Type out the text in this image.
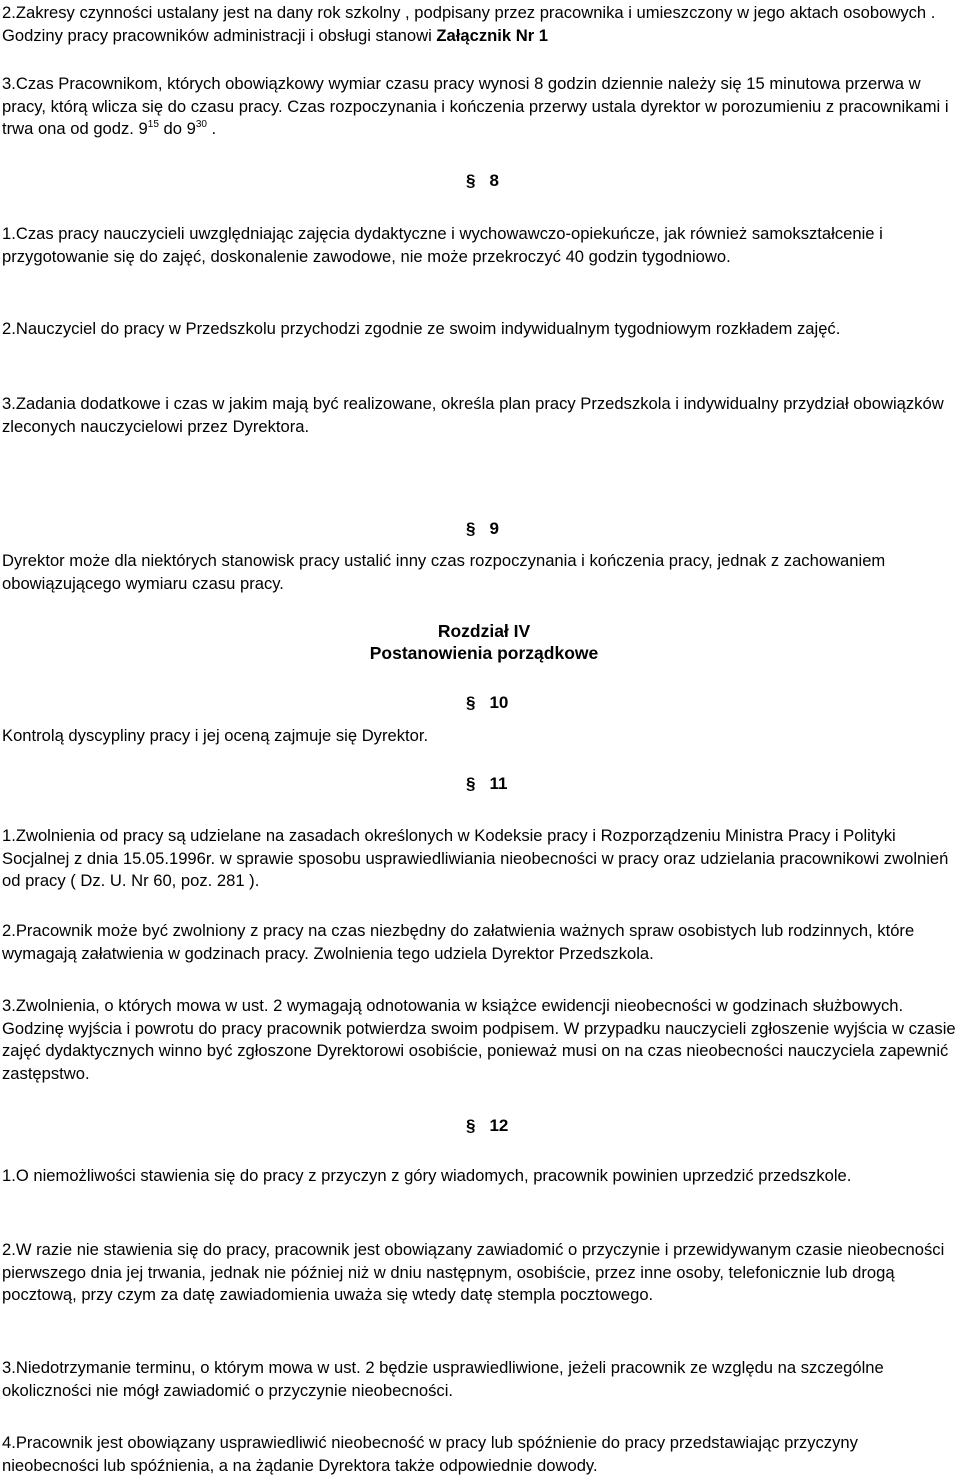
2.Zakresy czynności ustalany jest na dany rok szkolny , podpisany przez pracownika i umieszczony w jego aktach osobowych . Godziny pracy pracowników administracji i obsługi stanowi Załącznik Nr 1

3.Czas Pracownikom, których obowiązkowy wymiar czasu pracy wynosi 8 godzin dziennie należy się 15 minutowa przerwa w pracy, którą wlicza się do czasu pracy. Czas rozpoczynania i kończenia przerwy ustala dyrektor w porozumieniu z pracownikami i trwa ona od godz. $9^{15}$ do $9^{30}$ .

§ 8

1.Czas pracy nauczycieli uwzględniając zajęcia dydaktyczne i wychowawczo-opiekuńcze, jak również samokształcenie i przygotowanie się do zajęć, doskonalenie zawodowe, nie może przekroczyć 40 godzin tygodniowo.

2.Nauczyciel do pracy w Przedszkolu przychodzi zgodnie ze swoim indywidualnym tygodniowym rozkładem zajęć.

3.Zadania dodatkowe i czas w jakim mają być realizowane, określa plan pracy Przedszkola i indywidualny przydział obowiązków zleconych nauczycielowi przez Dyrektora.

§ 9

Dyrektor może dla niektórych stanowisk pracy ustalić inny czas rozpoczynania i kończenia pracy, jednak z zachowaniem obowiązującego wymiaru czasu pracy.

Rozdział IV
Postanowienia porządkowe
§ 10

Kontrolą dyscypliny pracy i jej oceną zajmuje się Dyrektor.

§ 11

1.Zwolnienia od pracy są udzielane na zasadach określonych w Kodeksie pracy i Rozporządzeniu Ministra Pracy i Polityki Socjalnej z dnia 15.05.1996r. w sprawie sposobu usprawiedliwiania nieobecności w pracy oraz udzielania pracownikowi zwolnień od pracy ( Dz. U. Nr 60, poz. 281 ).

2.Pracownik może być zwolniony z pracy na czas niezbędny do załatwienia ważnych spraw osobistych lub rodzinnych, które wymagają załatwienia w godzinach pracy. Zwolnienia tego udziela Dyrektor Przedszkola.

3.Zwolnienia, o których mowa w ust. 2 wymagają odnotowania w książce ewidencji nieobecności w godzinach służbowych. Godzinę wyjścia i powrotu do pracy pracownik potwierdza swoim podpisem. W przypadku nauczycieli zgłoszenie wyjścia w czasie zajęć dydaktycznych winno być zgłoszone Dyrektorowi osobiście, ponieważ musi on na czas nieobecności nauczyciela zapewnić zastępstwo.

§ 12

1.O niemożliwości stawienia się do pracy z przyczyn z góry wiadomych, pracownik powinien uprzedzić przedszkole.

2.W razie nie stawienia się do pracy, pracownik jest obowiązany zawiadomić o przyczynie i przewidywanym czasie nieobecności pierwszego dnia jej trwania, jednak nie później niż w dniu następnym, osobiście, przez inne osoby, telefonicznie lub drogą pocztową, przy czym za datę zawiadomienia uważa się wtedy datę stempla pocztowego.

3.Niedotrzymanie terminu, o którym mowa w ust. 2 będzie usprawiedliwione, jeżeli pracownik ze względu na szczególne okoliczności nie mógł zawiadomić o przyczynie nieobecności.

4.Pracownik jest obowiązany usprawiedliwić nieobecność w pracy lub spóźnienie do pracy przedstawiając przyczyny nieobecności lub spóźnienia, a na żądanie Dyrektora także odpowiednie dowody.
